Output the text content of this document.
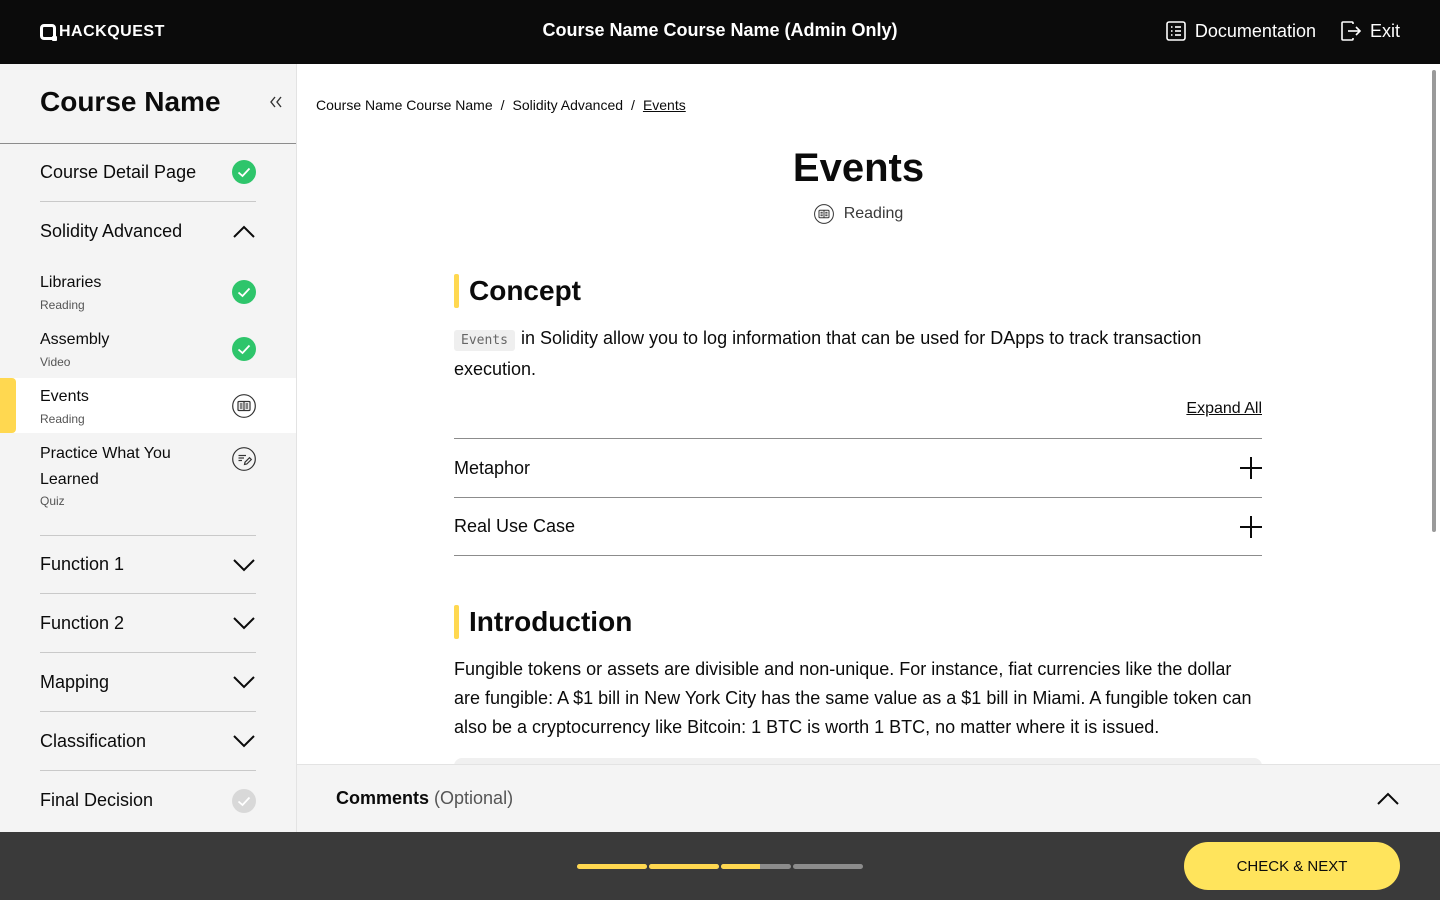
HACKQUEST	Course Name Course Name (Admin Only)	Documentation	Exit
Course Name
Course Detail Page
Solidity Advanced
Libraries
Reading
Assembly
Video
Events
Reading
Practice What You Learned
Quiz
Function 1
Function 2
Mapping
Classification
Final Decision
Course Name Course Name / Solidity Advanced / Events
Events
Reading
Concept
Events in Solidity allow you to log information that can be used for DApps to track transaction execution.
Expand All
Metaphor
Real Use Case
Introduction
Fungible tokens or assets are divisible and non-unique. For instance, fiat currencies like the dollar are fungible: A $1 bill in New York City has the same value as a $1 bill in Miami. A fungible token can also be a cryptocurrency like Bitcoin: 1 BTC is worth 1 BTC, no matter where it is issued.
Comments (Optional)
CHECK & NEXT
